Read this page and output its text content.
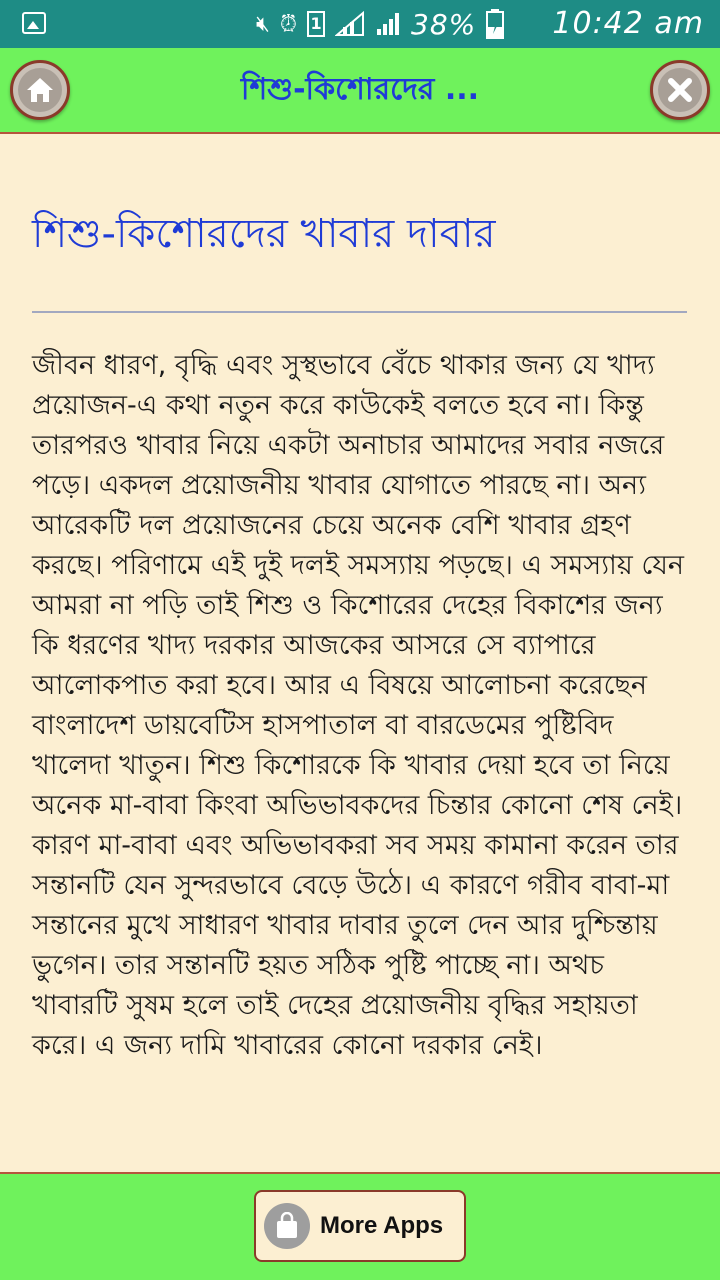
🔇︎ ⏰︎ 1	38%	10:42 am
শিশু-কিশোরদের ...
শিশু-কিশোরদের খাবার দাবার
জীবন ধারণ, বৃদ্ধি এবং সুস্থভাবে বেঁচে থাকার জন্য যে খাদ্য প্রয়োজন-এ কথা নতুন করে কাউকেই বলতে হবে না। কিন্তু তারপরও খাবার নিয়ে একটা অনাচার আমাদের সবার নজরে পড়ে। একদল প্রয়োজনীয় খাবার যোগাতে পারছে না। অন্য আরেকটি দল প্রয়োজনের চেয়ে অনেক বেশি খাবার গ্রহণ করছে। পরিণামে এই দুই দলই সমস্যায় পড়ছে। এ সমস্যায় যেন আমরা না পড়ি তাই শিশু ও কিশোরের দেহের বিকাশের জন্য কি ধরণের খাদ্য দরকার আজকের আসরে সে ব্যাপারে আলোকপাত করা হবে। আর এ বিষয়ে আলোচনা করেছেন বাংলাদেশ ডায়বেটিস হাসপাতাল বা বারডেমের পুষ্টিবিদ খালেদা খাতুন। শিশু কিশোরকে কি খাবার দেয়া হবে তা নিয়ে অনেক মা-বাবা কিংবা অভিভাবকদের চিন্তার কোনো শেষ নেই। কারণ মা-বাবা এবং অভিভাবকরা সব সময় কামানা করেন তার সন্তানটি যেন সুন্দরভাবে বেড়ে উঠে। এ কারণে গরীব বাবা-মা সন্তানের মুখে সাধারণ খাবার দাবার তুলে দেন আর দুশ্চিন্তায় ভুগেন। তার সন্তানটি হয়ত সঠিক পুষ্টি পাচ্ছে না। অথচ খাবারটি সুষম হলে তাই দেহের প্রয়োজনীয় বৃদ্ধির সহায়তা করে। এ জন্য দামি খাবারের কোনো দরকার নেই।
More Apps
